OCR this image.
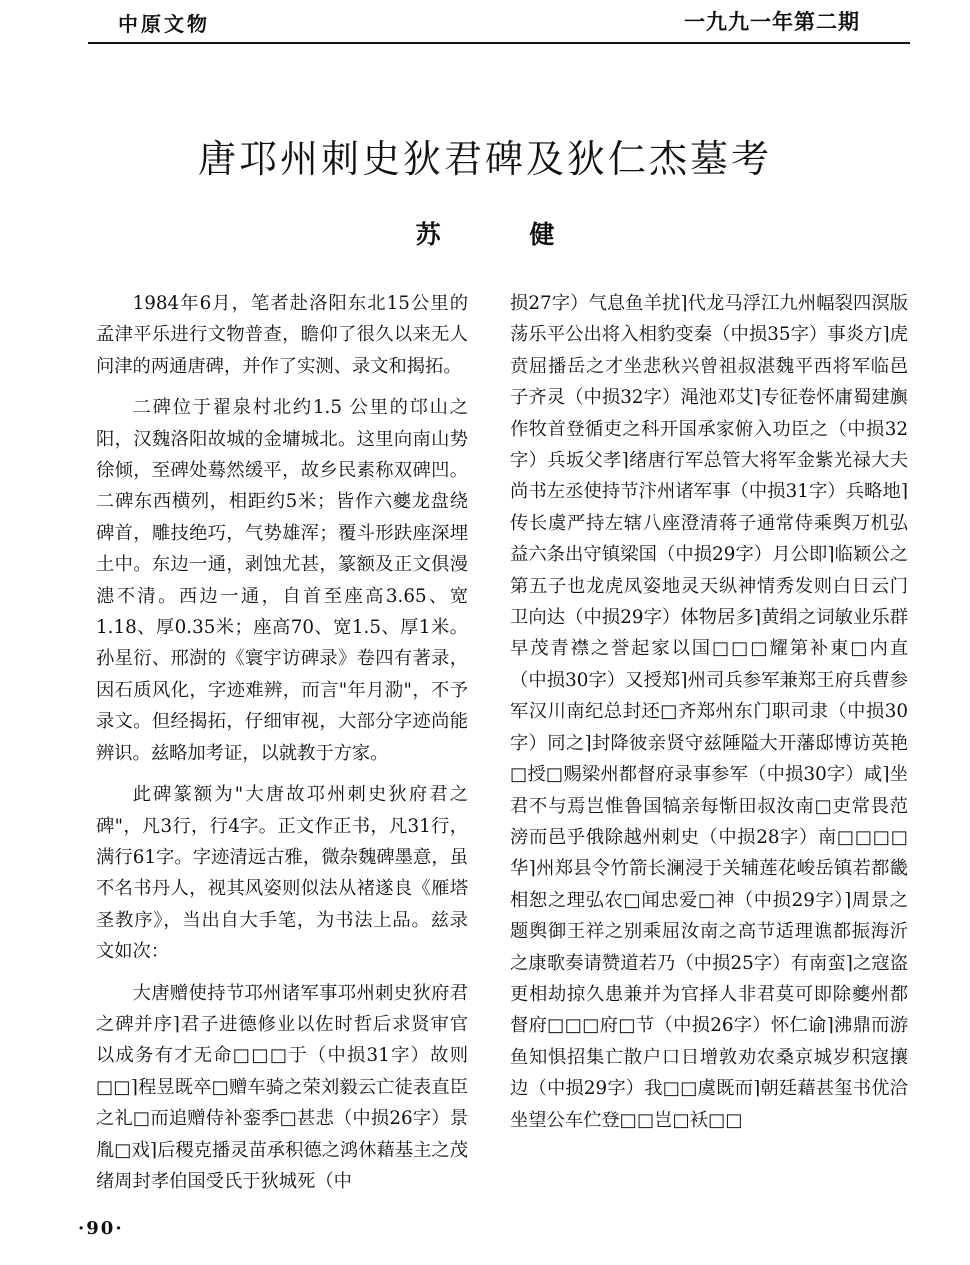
中原文物	一九九一年第二期
唐邛州刺史狄君碑及狄仁杰墓考
苏 健

1984年6月，笔者赴洛阳东北15公里的孟津平乐进行文物普查，瞻仰了很久以来无人问津的两通唐碑，并作了实测、录文和揭拓。

二碑位于翟泉村北约1.5 公里的邙山之阳，汉魏洛阳故城的金墉城北。这里向南山势徐倾，至碑处蓦然缓平，故乡民素称双碑凹。二碑东西横列，相距约5米；皆作六夔龙盘绕碑首，雕技绝巧，气势雄浑；覆斗形趺座深埋土中。东边一通，剥蚀尤甚，篆额及正文俱漫漶不清。西边一通，自首至座高3.65、宽1.18、厚0.35米；座高70、宽1.5、厚1米。孙星衍、邢澍的《寰宇访碑录》卷四有著录，因石质风化，字迹难辨，而言"年月泐"，不予录文。但经揭拓，仔细审视，大部分字迹尚能辨识。兹略加考证，以就教于方家。

此碑篆额为"大唐故邛州刺史狄府君之碑"，凡3行，行4字。正文作正书，凡31行，满行61字。字迹清远古雅，微杂魏碑墨意，虽不名书丹人，视其风姿则似法从褚遂良《雁塔圣教序》，当出自大手笔，为书法上品。兹录文如次：

大唐赠使持节邛州诸军事邛州刺史狄府君之碑并序⌉君子进德修业以佐时哲后求贤审官以成务有才无命□□□于（中损31字）故则□□⌉程昱既卒□赠车骑之荣刘毅云亡徒表直臣之礼□而追赠侍补銮季□甚悲（中损26字）景胤□戏⌉后稷克播灵苗承积德之鸿休藉基主之茂绪周封孝伯国受氏于狄城死（中

损27字）气息鱼羊扰⌉代龙马浮江九州幅裂四溟版荡乐平公出将入相豹变秦（中损35字）事炎方⌉虎贲屈播岳之才坐悲秋兴曾祖叔湛魏平西将军临邑子齐灵（中损32字）渑池邓艾⌉专征卷怀庸蜀建旟作牧首登循吏之科开国承家俯入功臣之（中损32字）兵坂父孝⌉绪唐行军总管大将军金紫光禄大夫尚书左丞使持节汴州诸军事（中损31字）兵略地⌉传长虞严持左辖八座澄清蒋子通常侍乘舆万机弘益六条出守镇梁国（中损29字）月公即⌉临颖公之第五子也龙虎凤姿地灵天纵神情秀发则白日云门卫向达（中损29字）体物居多⌉黄绢之词敏业乐群早茂青襟之誉起家以国□□□耀第补東□内直（中损30字）又授郑⌉州司兵参军兼郑王府兵曹参军汉川南纪总封还□齐郑州东门职司隶（中损30字）同之⌉封降彼亲贤守兹陲隘大开藩邸博访英艳□授□赐梁州都督府录事参军（中损30字）咸⌉坐君不与焉岂惟鲁国犒亲每惭田叔汝南□吏常畏范滂而邑乎俄除越州刺史（中损28字）南□□□□华⌉州郑县令竹箭长澜浸于关辅莲花峻岳镇若都畿相恕之理弘农□闻忠爱□神（中损29字）⌉周景之题舆御王祥之别乘屈汝南之高节适理谯都振海沂之康歌奏请赞道若乃（中损25字）有南蛮⌉之寇盗更相劫掠久患兼并为官择人非君莫可即除夔州都督府□□□府□节（中损26字）怀仁谕⌉沸鼎而游鱼知惧招集亡散户口日增敦劝农桑京城岁积寇攘边（中损29字）我□□虞既而⌉朝廷藉甚玺书优洽坐望公车伫登□□岂□袄□□

·90·
